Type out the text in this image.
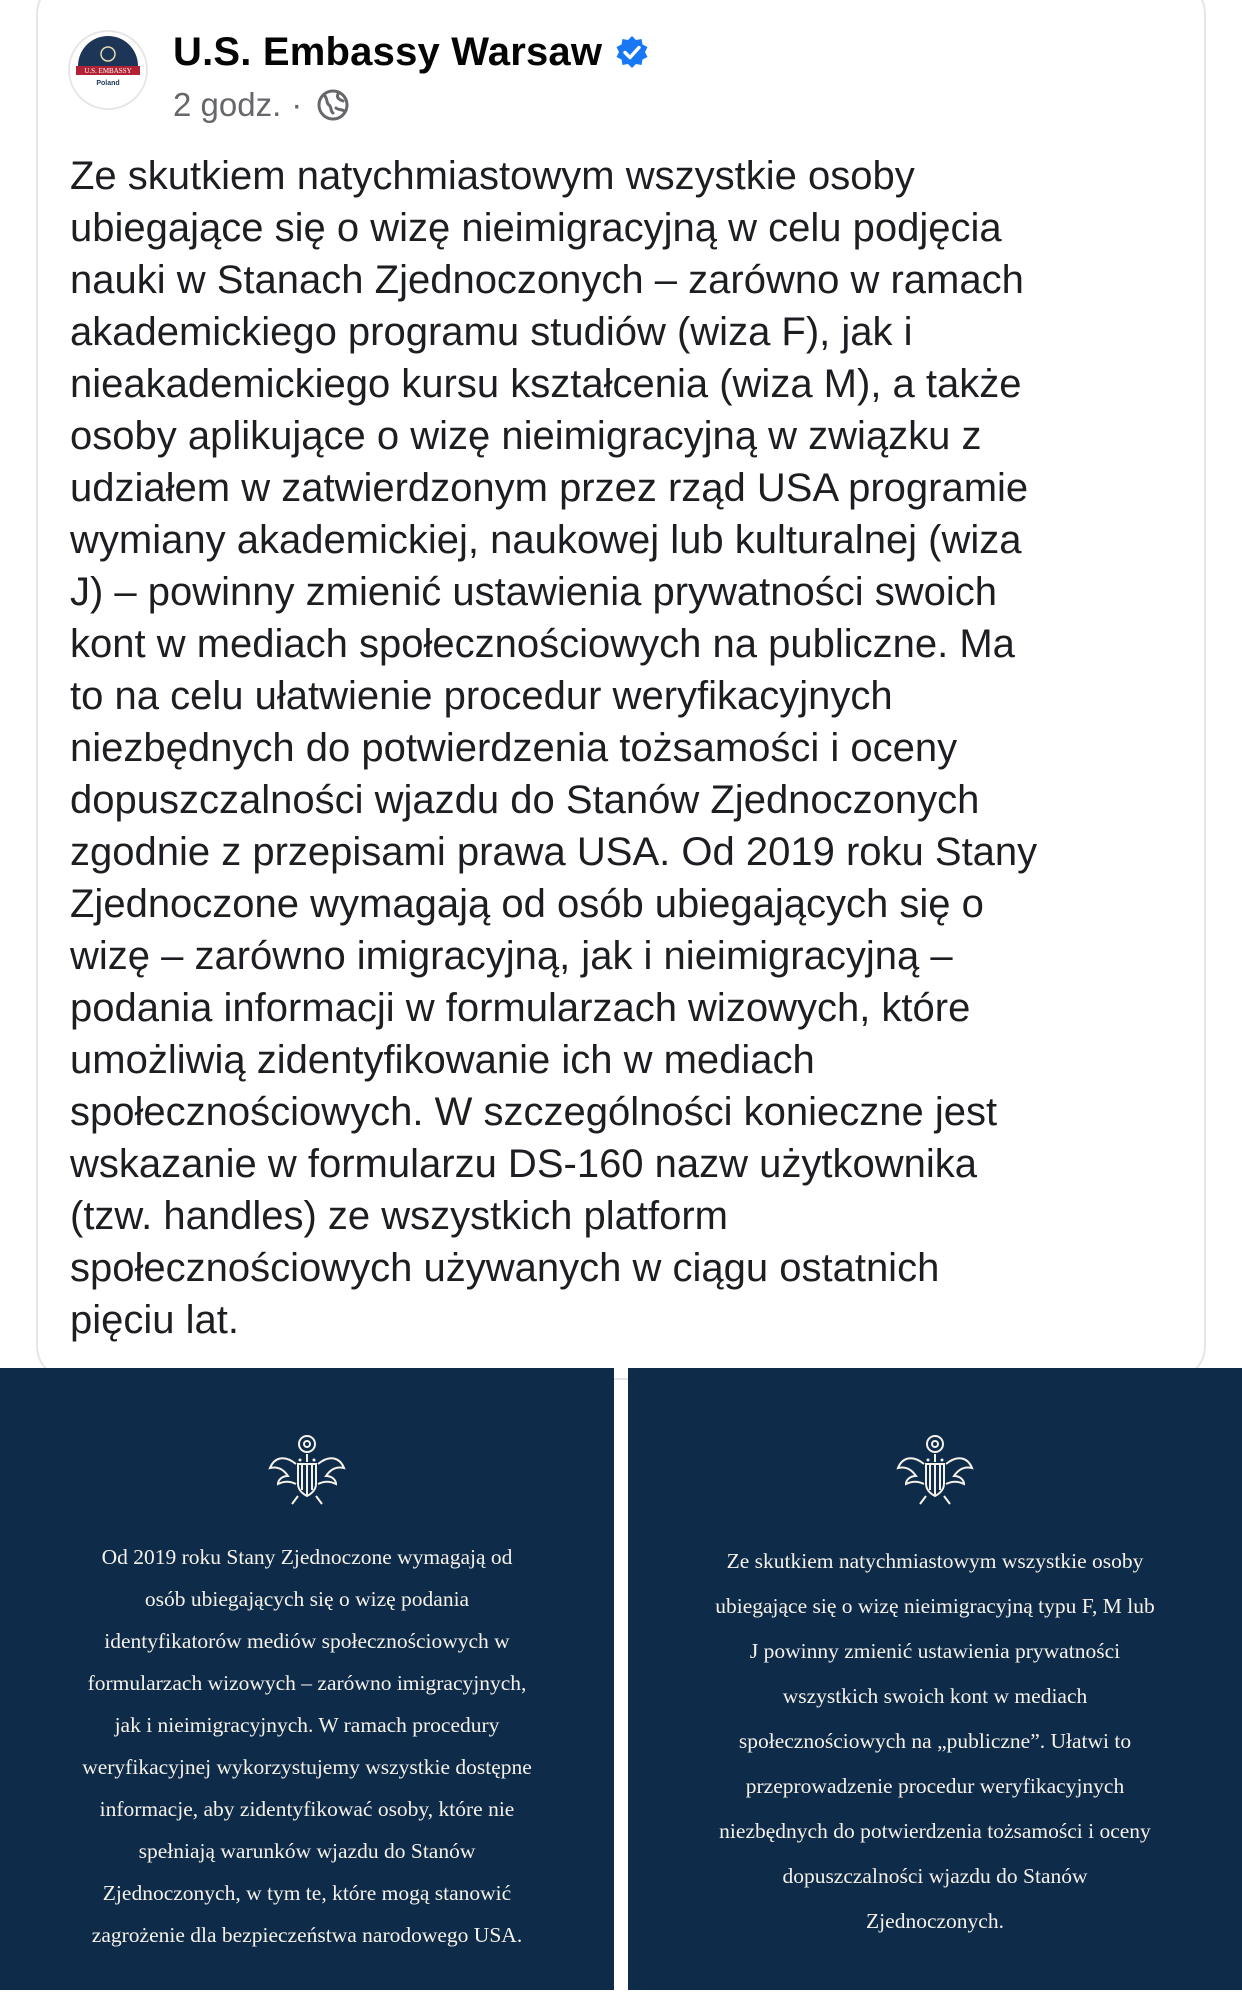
U.S. EMBASSY
Poland
U.S. Embassy Warsaw
2 godz. ·

Ze skutkiem natychmiastowym wszystkie osoby
ubiegające się o wizę nieimigracyjną w celu podjęcia
nauki w Stanach Zjednoczonych – zarówno w ramach
akademickiego programu studiów (wiza F), jak i
nieakademickiego kursu kształcenia (wiza M), a także
osoby aplikujące o wizę nieimigracyjną w związku z
udziałem w zatwierdzonym przez rząd USA programie
wymiany akademickiej, naukowej lub kulturalnej (wiza
J) – powinny zmienić ustawienia prywatności swoich
kont w mediach społecznościowych na publiczne. Ma
to na celu ułatwienie procedur weryfikacyjnych
niezbędnych do potwierdzenia tożsamości i oceny
dopuszczalności wjazdu do Stanów Zjednoczonych
zgodnie z przepisami prawa USA. Od 2019 roku Stany
Zjednoczone wymagają od osób ubiegających się o
wizę – zarówno imigracyjną, jak i nieimigracyjną –
podania informacji w formularzach wizowych, które
umożliwią zidentyfikowanie ich w mediach
społecznościowych. W szczególności konieczne jest
wskazanie w formularzu DS-160 nazw użytkownika
(tzw. handles) ze wszystkich platform
społecznościowych używanych w ciągu ostatnich
pięciu lat.

Od 2019 roku Stany Zjednoczone wymagają od
osób ubiegających się o wizę podania
identyfikatorów mediów społecznościowych w
formularzach wizowych – zarówno imigracyjnych,
jak i nieimigracyjnych. W ramach procedury
weryfikacyjnej wykorzystujemy wszystkie dostępne
informacje, aby zidentyfikować osoby, które nie
spełniają warunków wjazdu do Stanów
Zjednoczonych, w tym te, które mogą stanowić
zagrożenie dla bezpieczeństwa narodowego USA.

Ze skutkiem natychmiastowym wszystkie osoby
ubiegające się o wizę nieimigracyjną typu F, M lub
J powinny zmienić ustawienia prywatności
wszystkich swoich kont w mediach
społecznościowych na „publiczne”. Ułatwi to
przeprowadzenie procedur weryfikacyjnych
niezbędnych do potwierdzenia tożsamości i oceny
dopuszczalności wjazdu do Stanów
Zjednoczonych.
